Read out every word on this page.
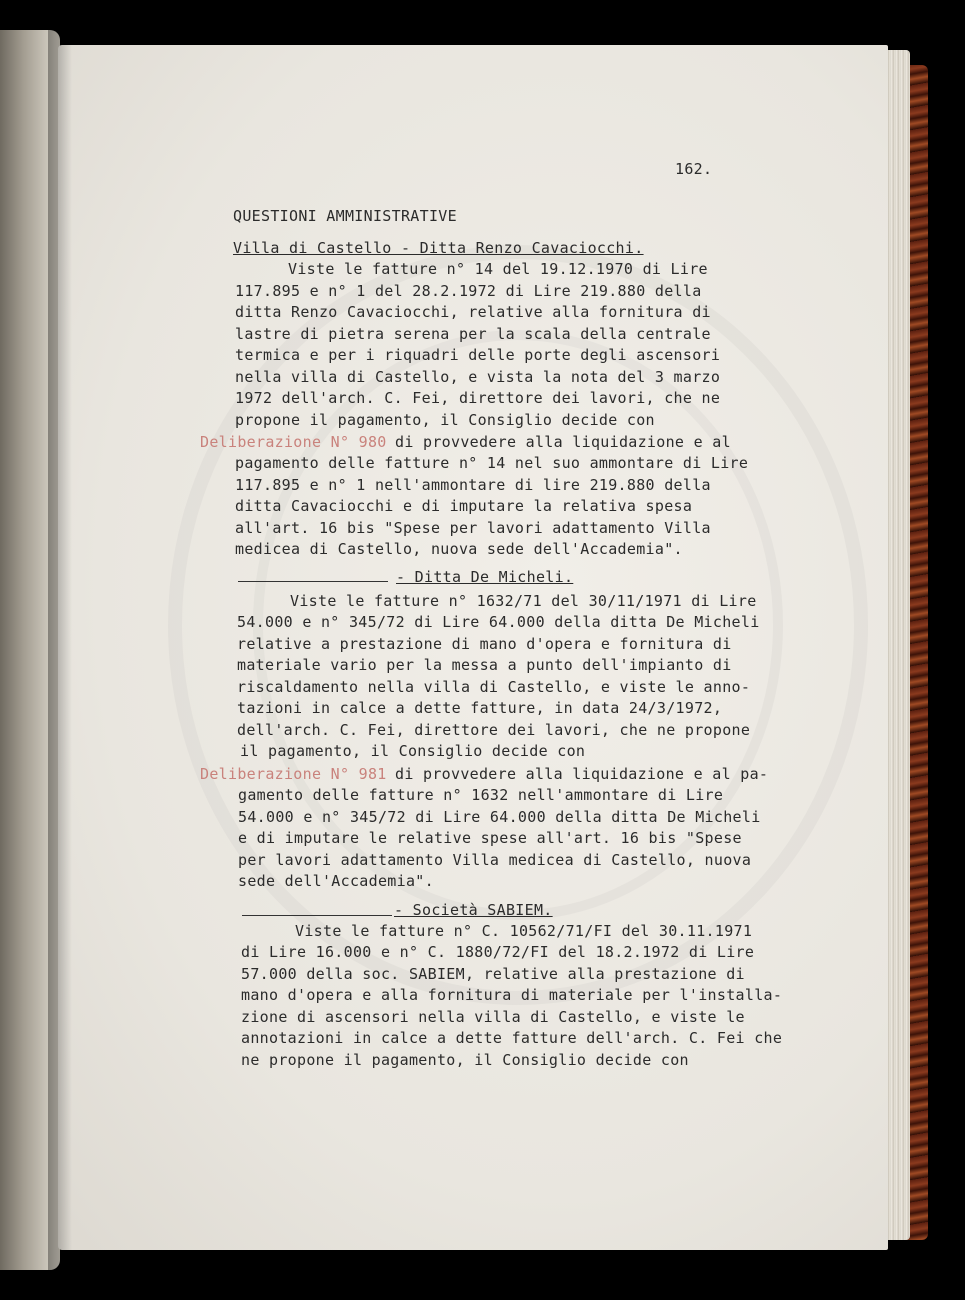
162.

QUESTIONI AMMINISTRATIVE

Villa di Castello - Ditta Renzo Cavaciocchi.

Viste le fatture n° 14 del 19.12.1970 di Lire

117.895 e n° 1 del 28.2.1972 di Lire 219.880 della

ditta Renzo Cavaciocchi, relative alla fornitura di

lastre di pietra serena per la scala della centrale

termica e per i riquadri delle porte degli ascensori

nella villa di Castello, e vista la nota del 3 marzo

1972 dell'arch. C. Fei, direttore dei lavori, che ne

propone il pagamento, il Consiglio decide con

Deliberazione N° 980

di provvedere alla liquidazione e al

pagamento delle fatture n° 14 nel suo ammontare di Lire

117.895 e n° 1 nell'ammontare di lire 219.880 della

ditta Cavaciocchi e di imputare la relativa spesa

all'art. 16 bis "Spese per lavori adattamento Villa

medicea di Castello, nuova sede dell'Accademia".

- Ditta De Micheli.

Viste le fatture n° 1632/71 del 30/11/1971 di Lire

54.000 e n° 345/72 di Lire 64.000 della ditta De Micheli

relative a prestazione di mano d'opera e fornitura di

materiale vario per la messa a punto dell'impianto di

riscaldamento nella villa di Castello, e viste le anno-

tazioni in calce a dette fatture, in data 24/3/1972,

dell'arch. C. Fei, direttore dei lavori, che ne propone

il pagamento, il Consiglio decide con

Deliberazione N° 981

di provvedere alla liquidazione e al pa-

gamento delle fatture n° 1632 nell'ammontare di Lire

54.000 e n° 345/72 di Lire 64.000 della ditta De Micheli

e di imputare le relative spese all'art. 16 bis "Spese

per lavori adattamento Villa medicea di Castello, nuova

sede dell'Accademia".

- Società SABIEM.

Viste le fatture n° C. 10562/71/FI del 30.11.1971

di Lire 16.000 e n° C. 1880/72/FI del 18.2.1972 di Lire

57.000 della soc. SABIEM, relative alla prestazione di

mano d'opera e alla fornitura di materiale per l'installa-

zione di ascensori nella villa di Castello, e viste le

annotazioni in calce a dette fatture dell'arch. C. Fei che

ne propone il pagamento, il Consiglio decide con
